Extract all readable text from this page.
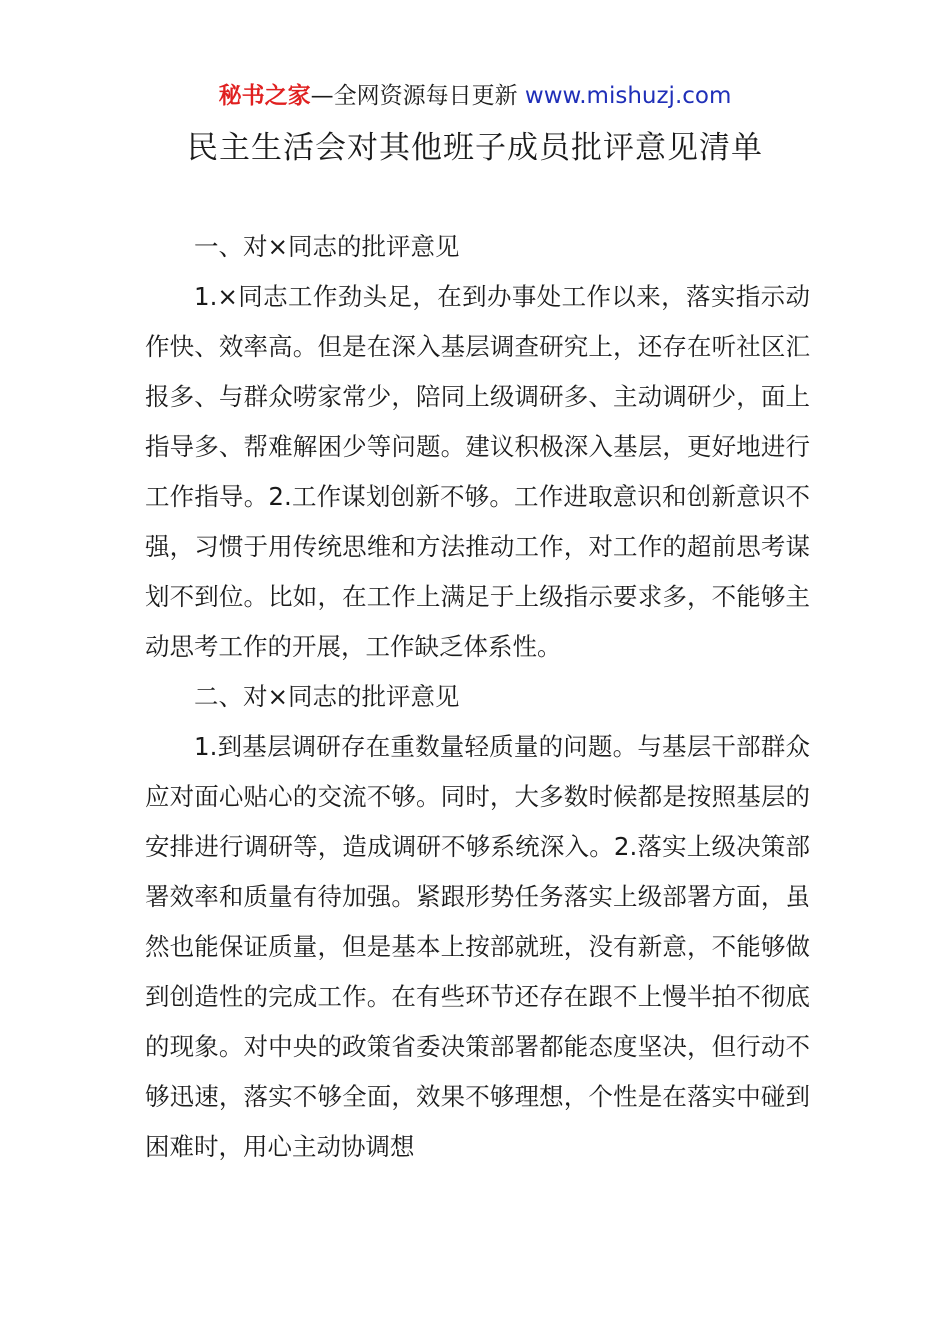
秘书之家—全网资源每日更新 www.mishuzj.com
民主生活会对其他班子成员批评意见清单

一、对×同志的批评意见

1.×同志工作劲头足，在到办事处工作以来，落实指示动作快、效率高。但是在深入基层调查研究上，还存在听社区汇报多、与群众唠家常少，陪同上级调研多、主动调研少，面上指导多、帮难解困少等问题。建议积极深入基层，更好地进行工作指导。2.工作谋划创新不够。工作进取意识和创新意识不强，习惯于用传统思维和方法推动工作，对工作的超前思考谋划不到位。比如，在工作上满足于上级指示要求多，不能够主动思考工作的开展，工作缺乏体系性。

二、对×同志的批评意见

1.到基层调研存在重数量轻质量的问题。与基层干部群众应对面心贴心的交流不够。同时，大多数时候都是按照基层的安排进行调研等，造成调研不够系统深入。2.落实上级决策部署效率和质量有待加强。紧跟形势任务落实上级部署方面，虽然也能保证质量，但是基本上按部就班，没有新意，不能够做到创造性的完成工作。在有些环节还存在跟不上慢半拍不彻底的现象。对中央的政策省委决策部署都能态度坚决，但行动不够迅速，落实不够全面，效果不够理想，个性是在落实中碰到困难时，用心主动协调想
